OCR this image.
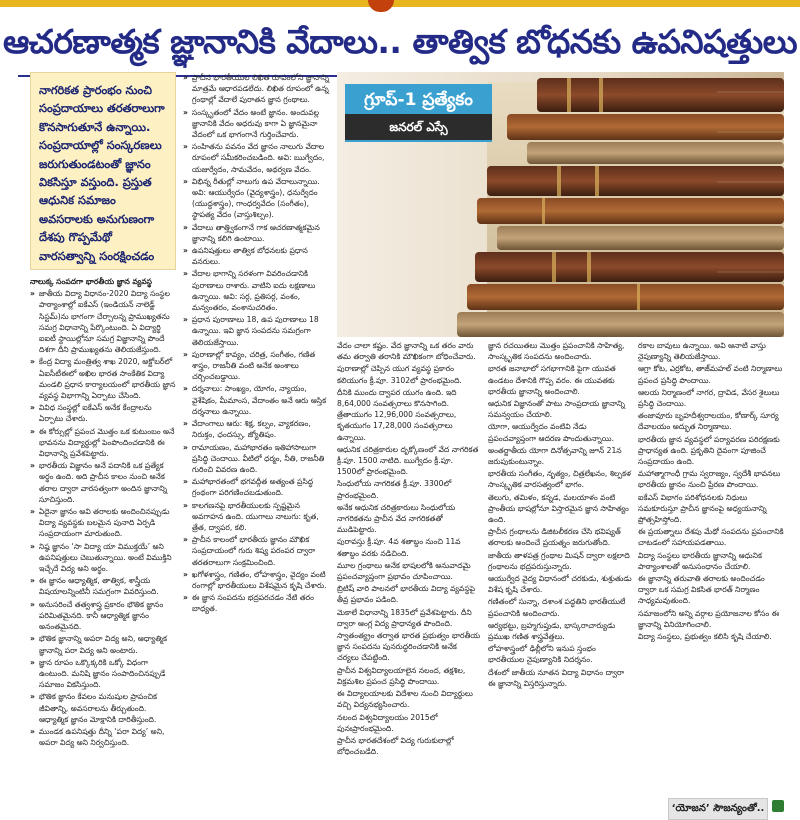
ఆచరణాత్మక జ్ఞానానికి వేదాలు.. తాత్విక బోధనకు ఉపనిషత్తులు
నాగరికత ప్రారంభం నుంచి సంప్రదాయాలు తరతరాలుగా కొనసాగుతూనే ఉన్నాయి. సంప్రదాయాల్లో సంస్కరణలు జరుగుతుండటంతో జ్ఞానం వికసిస్తూ వస్తుంది. ప్రస్తుత ఆధునిక సమాజం అవసరాలకు అనుగుణంగా దేశపు గొప్పమేథో వారసత్వాన్ని సంరక్షించడం

నాలుక్క సంపదగా భారతీయ జ్ఞాన వ్యవస్థ

» జాతీయ విద్యా విధానం-2020 విద్యా సంస్థల పాఠ్యాంశాల్లో ఐకేఎస్ (ఇండియన్ నాలెడ్జ్ సిస్టమ్)ను భాగంగా చేర్చాలన్న ప్రాముఖ్యతను సమగ్ర విధానాన్ని పేర్కొంటుంది. ఏ విద్యార్థి ఐఐటీ స్థాయిల్లోనూ సమగ్ర విజ్ఞానాన్ని పొందే దిశగా దీని ప్రాముఖ్యతను తెలియజేస్తుంది.

» కేంద్ర విద్యా మంత్రిత్వ శాఖ 2020, అక్టోబర్‌లో ఏఐసీటీఈలో అఖిల భారత సాంకేతిక విద్యా మండలి ప్రధాన కార్యాలయంలో భారతీయ జ్ఞాన వ్యవస్థ విభాగాన్ని ఏర్పాటు చేసింది.

» వివిధ సంస్థల్లో ఐకేఎస్ అనేక కేంద్రాలను ఏర్పాటు చేశారు.

» ఈ కోర్సుల్లో ప్రపంచ మొత్తం ఒక కుటుంబం అనే భావనను విద్యార్థుల్లో పెంపొందించడానికి ఈ విధానాన్ని ప్రవేశపెట్టారు.

» భారతీయ విజ్ఞానం అనే పదానికి ఒక ప్రత్యేక అర్థం ఉంది. అది ప్రాచీన కాలం నుంచి అనేక తరాల ద్వారా వారసత్వంగా అందిన జ్ఞానాన్ని సూచిస్తుంది.

» ఏదైనా జ్ఞానం అవి తరాలకు అందించినప్పుడు విద్యా వ్యవస్థకు బలమైన పునాది ఏర్పడి సంప్రదాయంగా మారుతుంది.

» నిష్ఠ జ్ఞానం ‘సా విద్యా యా విముక్తయే’ అని ఉపనిషత్తులు చెబుతున్నాయి. అంటే విముక్తిని ఇచ్చేదే విద్య అని అర్థం.

» ఈ జ్ఞానం ఆధ్యాత్మిక, తాత్విక, శాస్త్రీయ విషయాలన్నింటినీ సమగ్రంగా వివరిస్తుంది.

» అనుసరించే తత్వశాస్త్ర ప్రకారం భౌతిక జ్ఞానం పరిమితమైనది. కానీ ఆధ్యాత్మిక జ్ఞానం అనంతమైనది.

» భౌతిక జ్ఞానాన్ని అపరా విద్య అని, ఆధ్యాత్మిక జ్ఞానాన్ని పరా విద్య అని అంటారు.

» జ్ఞాన రూపం ఒక్కొక్కరికి ఒక్కో విధంగా ఉంటుంది. మనిషి జ్ఞానం సంపాదించినప్పుడే సమాజం వికసిస్తుంది.

» భౌతిక జ్ఞానం కేవలం మనుషుల ప్రాపంచిక జీవితాన్ని, అవసరాలను తీర్చుతుంది. ఆధ్యాత్మిక జ్ఞానం మోక్షానికి దారితీస్తుంది.

» ముండక ఉపనిషత్తు దీన్ని ‘పరా విద్య’ అని, అపరా విద్య అని నిర్వచిస్తుంది.

» ప్రాచీన భారతీయుల లిఖిత రూపంలోని జ్ఞానాన్ని మాత్రమే ఆధారపడలేదు. లిఖిత రూపంలో ఉన్న గ్రంథాల్లో వేదాలే పురాతన జ్ఞాన గ్రంథాలు.

» సంస్కృతంలో వేదం అంటే జ్ఞానం. అందువల్ల జ్ఞానానికి వేదం అధరువు కాగా ఏ జ్ఞానమైనా వేదంలో ఒక భాగంగానే గుర్తించేవారు.

» సంహితను పవనం వేద జ్ఞానం నాలుగు వేదాల రూపంలో సమీకరించబడింది. అవి: ఋగ్వేదం, యజుర్వేదం, సామవేదం, అథర్వణ వేదం.

» విభిన్న రీతుల్లో నాలుగు ఉప వేదాలున్నాయి. అవి: ఆయుర్వేదం (వైద్యశాస్త్రం), ధనుర్వేదం (యుద్ధశాస్త్రం), గాంధర్వవేదం (సంగీతం), స్థాపత్య వేదం (వాస్తుశిల్పం).

» వేదాలు తాత్త్వికంగానే గాక ఆచరణాత్మకమైన జ్ఞానాన్ని కలిగి ఉంటాయి.

» ఉపనిషత్తులు తాత్విక బోధనలకు ప్రధాన వనరులు.

» వేదాల భాగాన్ని సరళంగా వివరించడానికి పురాణాలు రాశారు. వాటిని ఐదు లక్షణాలు ఉన్నాయి. అవి: సర్గ, ప్రతిసర్గ, వంశం, మన్వంతరం, వంశానుచరితం.

» ప్రధాన పురాణాలు 18, ఉప పురాణాలు 18 ఉన్నాయి. ఇవి జ్ఞాన సంపదను సమగ్రంగా తెలియజేస్తాయి.

» పురాణాల్లో కావ్యం, చరిత్ర, సంగీతం, గణిత శాస్త్రం, రాజనీతి వంటి అనేక అంశాలు చర్చించబడ్డాయి.

» దర్శనాలు: సాంఖ్యం, యోగం, న్యాయం, వైశేషికం, మీమాంస, వేదాంతం అనే ఆరు ఆస్తిక దర్శనాలు ఉన్నాయి.

» వేదాంగాలు ఆరు: శిక్ష, కల్పం, వ్యాకరణం, నిరుక్తం, ఛందస్సు, జ్యోతిషం.

» రామాయణం, మహాభారతం ఇతిహాసాలుగా ప్రసిద్ధి చెందాయి. వీటిలో ధర్మం, నీతి, రాజనీతి గురించి వివరణ ఉంది.

» మహాభారతంలో భగవద్గీత అత్యంత ప్రసిద్ధ గ్రంథంగా పరిగణించబడుతుంది.

» కాలగణనపై భారతీయులకు స్పష్టమైన అవగాహన ఉంది. యుగాలు నాలుగు: కృత, త్రేత, ద్వాపర, కలి.

» ప్రాచీన కాలంలో భారతీయ జ్ఞానం మౌఖిక సంప్రదాయంలో గురు శిష్య పరంపర ద్వారా తరతరాలుగా సంక్రమించింది.

» ఖగోళశాస్త్రం, గణితం, లోహశాస్త్రం, వైద్యం వంటి రంగాల్లో భారతీయులు విశేషమైన కృషి చేశారు.

» ఈ జ్ఞాన సంపదను భద్రపరచడం నేటి తరం బాధ్యత.

గ్రూప్-1 ప్రత్యేకం
జనరల్ ఎస్సే

వేదం చాలా కష్టం. వేద జ్ఞానాన్ని ఒక తరం వారు తమ తర్వాతి తరానికి మౌఖికంగా బోధించేవారు.

పురాణాల్లో చెప్పిన యుగ వ్యవస్థ ప్రకారం కలియుగం క్రీ.పూ. 3102లో ప్రారంభమైంది.

దీనికి ముందు ద్వాపర యుగం ఉంది. ఇది 8,64,000 సంవత్సరాలు కొనసాగింది. త్రేతాయుగం 12,96,000 సంవత్సరాలు, కృతయుగం 17,28,000 సంవత్సరాలు ఉన్నాయి.

ఆధునిక చరిత్రకారుల దృక్కోణంలో వేద నాగరికత క్రీ.పూ. 1500 నాటిది. ఋగ్వేదం క్రీ.పూ. 1500లో ప్రారంభమైంది.

సింధులోయ నాగరికత క్రీ.పూ. 3300లో ప్రారంభమైంది.

అనేక ఆధునిక చరిత్రకారులు సింధులోయ నాగరికతను ప్రాచీన వేద నాగరికతతో ముడిపెట్టారు.

పురావస్తు క్రీ.పూ. 4వ శతాబ్దం నుంచి 11వ శతాబ్దం వరకు నడిచింది.

మూల గ్రంథాలు అనేక భాషలలోకి అనువాదమై ప్రపంచవ్యాప్తంగా ప్రభావం చూపించాయి.

బ్రిటిష్ వారి పాలనలో భారతీయ విద్యా వ్యవస్థపై తీవ్ర ప్రభావం పడింది.

మెకాలే విధానాన్ని 1835లో ప్రవేశపెట్టారు. దీని ద్వారా ఆంగ్ల విద్య ప్రాధాన్యత పొందింది.

స్వాతంత్య్రం తర్వాత భారత ప్రభుత్వం భారతీయ జ్ఞాన సంపదను పునరుద్ధరించడానికి అనేక చర్యలు చేపట్టింది.

ప్రాచీన విశ్వవిద్యాలయాలైన నలంద, తక్షశిల, విక్రమశిల ప్రపంచ ప్రసిద్ధి పొందాయి.

ఈ విద్యాలయాలకు విదేశాల నుంచి విద్యార్థులు వచ్చి విద్యనభ్యసించారు.

నలంద విశ్వవిద్యాలయం 2015లో పునఃప్రారంభమైంది.

ప్రాచీన భారతదేశంలో విద్య గురుకులాల్లో బోధించబడేది.

జ్ఞాన రచయితలు మొత్తం ప్రపంచానికి సాహిత్య, సాంస్కృతిక సంపదను అందించారు.

భారత జనాభాలో సగభాగానికి పైగా యువత ఉండటం దేశానికి గొప్ప వరం. ఈ యువతకు భారతీయ జ్ఞానాన్ని అందించాలి.

ఆధునిక విజ్ఞానంతో పాటు సాంప్రదాయ జ్ఞానాన్ని సమన్వయం చేయాలి.

యోగా, ఆయుర్వేదం వంటివి నేడు ప్రపంచవ్యాప్తంగా ఆదరణ పొందుతున్నాయి.

అంతర్జాతీయ యోగా దినోత్సవాన్ని జూన్ 21న జరుపుకుంటున్నాం.

భారతీయ సంగీతం, నృత్యం, చిత్రలేఖనం, శిల్పకళ సాంస్కృతిక వారసత్వంలో భాగం.

తెలుగు, తమిళం, కన్నడ, మలయాళం వంటి ప్రాంతీయ భాషల్లోనూ విస్తారమైన జ్ఞాన సాహిత్యం ఉంది.

ప్రాచీన గ్రంథాలను డిజిటలీకరణ చేసి భవిష్యత్ తరాలకు అందించే ప్రయత్నం జరుగుతోంది.

జాతీయ తాళపత్ర గ్రంథాల మిషన్ ద్వారా లక్షలాది గ్రంథాలను భద్రపరుస్తున్నారు.

ఆయుర్వేద వైద్య విధానంలో చరకుడు, శుశ్రుతుడు విశేష కృషి చేశారు.

గణితంలో సున్నా, దశాంశ పద్ధతిని భారతీయులే ప్రపంచానికి అందించారు.

ఆర్యభట్టు, బ్రహ్మగుప్తుడు, భాస్కరాచార్యుడు ప్రముఖ గణిత శాస్త్రవేత్తలు.

లోహశాస్త్రంలో ఢిల్లీలోని ఇనుప స్తంభం భారతీయుల నైపుణ్యానికి నిదర్శనం.

దేశంలో జాతీయ నూతన విద్యా విధానం ద్వారా ఈ జ్ఞానాన్ని విస్తరిస్తున్నారు.

రకాల బావులు ఉన్నాయి. అవి ఆనాటి వాస్తు నైపుణ్యాన్ని తెలియజేస్తాయి.

ఆగ్రా కోట, ఎర్రకోట, తాజ్‌మహల్ వంటి నిర్మాణాలు ప్రపంచ ప్రసిద్ధి పొందాయి.

ఆలయ నిర్మాణంలో నాగర, ద్రావిడ, వేసర శైలులు ప్రసిద్ధి చెందాయి.

తంజావూరు బృహదీశ్వరాలయం, కోణార్క్ సూర్య దేవాలయం అద్భుత నిర్మాణాలు.

భారతీయ జ్ఞాన వ్యవస్థలో పర్యావరణ పరిరక్షణకు ప్రాధాన్యత ఉంది. ప్రకృతిని దైవంగా పూజించే సంప్రదాయం ఉంది.

మహాత్మాగాంధీ గ్రామ స్వరాజ్యం, స్వదేశీ భావనలు భారతీయ జ్ఞానం నుంచి ప్రేరణ పొందాయి.

ఐకేఎస్ విభాగం పరిశోధనలకు నిధులు సమకూరుస్తూ ప్రాచీన జ్ఞానంపై అధ్యయనాన్ని ప్రోత్సహిస్తోంది.

ఈ ప్రయత్నాలు దేశపు మేథో సంపదను ప్రపంచానికి చాటడంలో సహాయపడతాయి.

విద్యా సంస్థలు భారతీయ జ్ఞానాన్ని ఆధునిక పాఠ్యాంశాలతో అనుసంధానం చేయాలి.

ఈ జ్ఞానాన్ని తరువాతి తరాలకు అందించడం ద్వారా ఒక సమగ్ర వికసిత భారత్ నిర్మాణం సాధ్యమవుతుంది.

సమాజంలోని అన్ని వర్గాల ప్రయోజనాల కోసం ఈ జ్ఞానాన్ని వినియోగించాలి.

విద్యా సంస్థలు, ప్రభుత్వం కలిసి కృషి చేయాలి.

‘యోజన’ సౌజన్యంతో..
